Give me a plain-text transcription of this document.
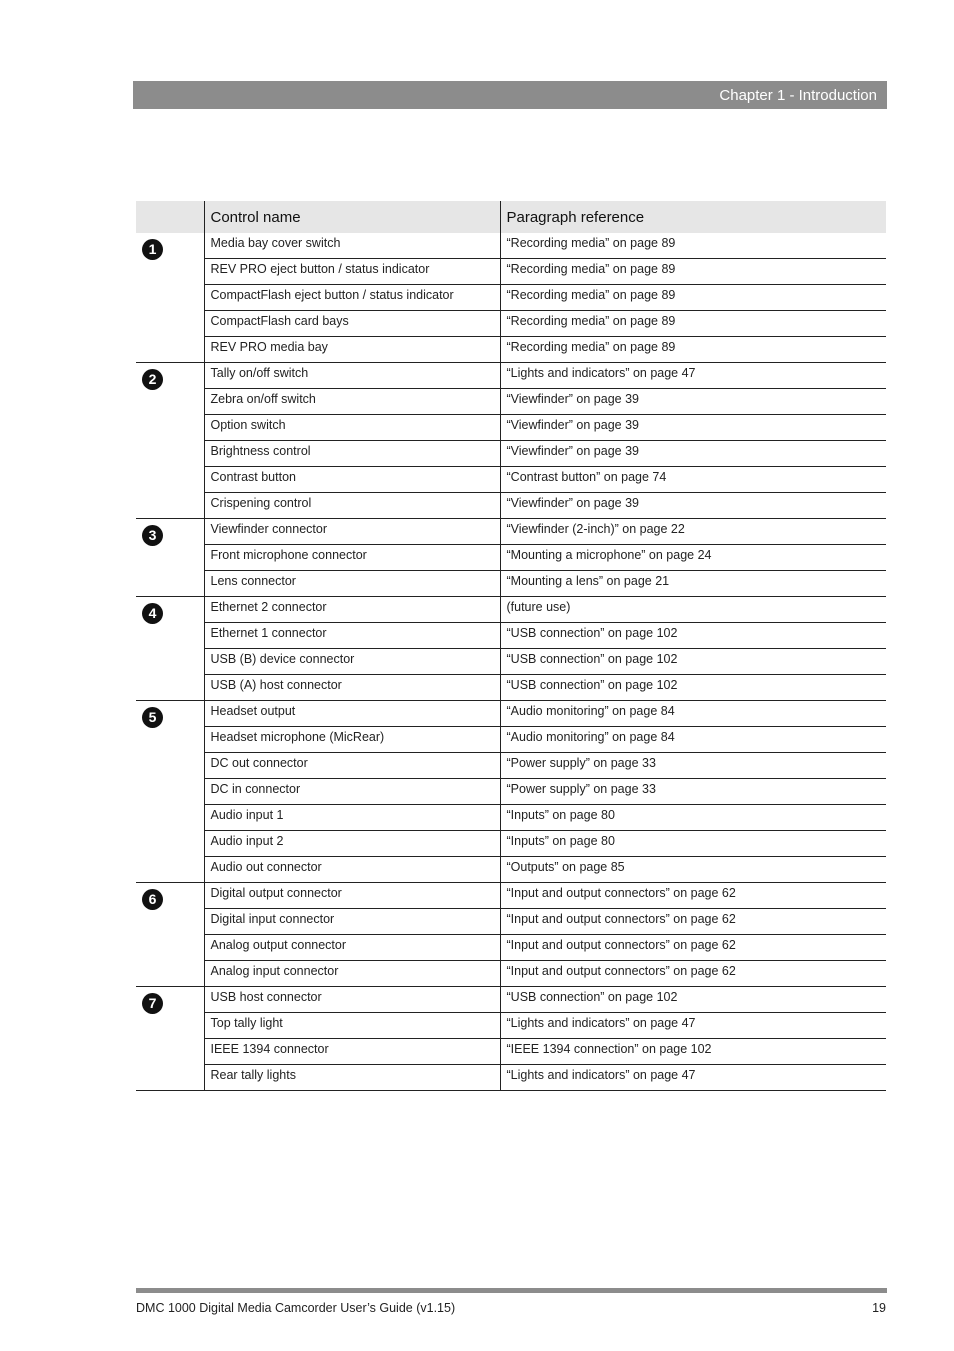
Chapter 1 - Introduction
	Control name	Paragraph reference
1	Media bay cover switch	“Recording media” on page 89
	REV PRO eject button / status indicator	“Recording media” on page 89
	CompactFlash eject button / status indicator	“Recording media” on page 89
	CompactFlash card bays	“Recording media” on page 89
	REV PRO media bay	“Recording media” on page 89
2	Tally on/off switch	“Lights and indicators” on page 47
	Zebra on/off switch	“Viewfinder” on page 39
	Option switch	“Viewfinder” on page 39
	Brightness control	“Viewfinder” on page 39
	Contrast button	“Contrast button” on page 74
	Crispening control	“Viewfinder” on page 39
3	Viewfinder connector	“Viewfinder (2-inch)” on page 22
	Front microphone connector	“Mounting a microphone” on page 24
	Lens connector	“Mounting a lens” on page 21
4	Ethernet 2 connector	(future use)
	Ethernet 1 connector	“USB connection” on page 102
	USB (B) device connector	“USB connection” on page 102
	USB (A) host connector	“USB connection” on page 102
5	Headset output	“Audio monitoring” on page 84
	Headset microphone (MicRear)	“Audio monitoring” on page 84
	DC out connector	“Power supply” on page 33
	DC in connector	“Power supply” on page 33
	Audio input 1	“Inputs” on page 80
	Audio input 2	“Inputs” on page 80
	Audio out connector	“Outputs” on page 85
6	Digital output connector	“Input and output connectors” on page 62
	Digital input connector	“Input and output connectors” on page 62
	Analog output connector	“Input and output connectors” on page 62
	Analog input connector	“Input and output connectors” on page 62
7	USB host connector	“USB connection” on page 102
	Top tally light	“Lights and indicators” on page 47
	IEEE 1394 connector	“IEEE 1394 connection” on page 102
	Rear tally lights	“Lights and indicators” on page 47
DMC 1000 Digital Media Camcorder User’s Guide (v1.15)	19
